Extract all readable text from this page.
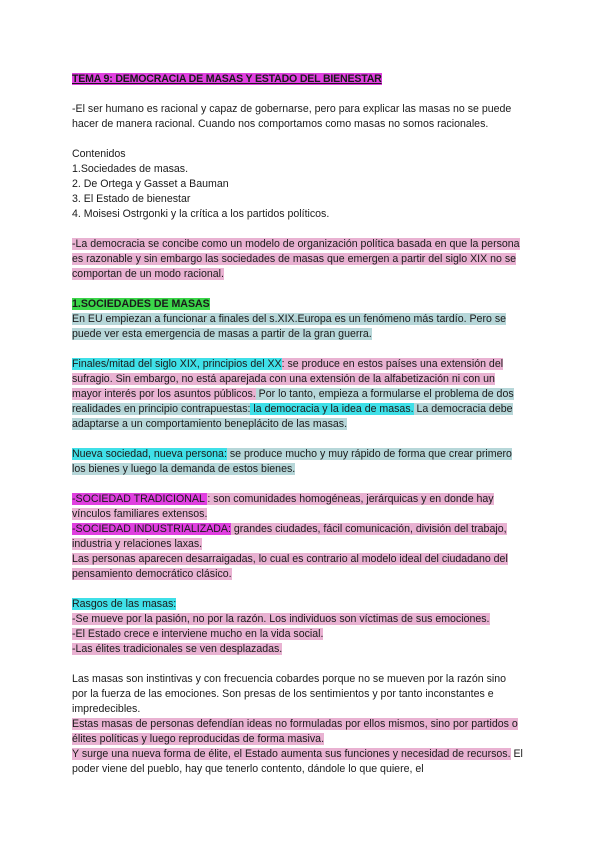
TEMA 9: DEMOCRACIA DE MASAS Y ESTADO DEL BIENESTAR

-El ser humano es racional y capaz de gobernarse, pero para explicar las masas no se puede hacer de manera racional. Cuando nos comportamos como masas no somos racionales.

Contenidos

1.Sociedades de masas.

2. De Ortega y Gasset a Bauman

3. El Estado de bienestar

4. Moisesi Ostrgonki y la crítica a los partidos políticos.

-La democracia se concibe como un modelo de organización política basada en que la persona es razonable y sin embargo las sociedades de masas que emergen a partir del siglo XIX no se comportan de un modo racional.

1.SOCIEDADES DE MASAS

En EU empiezan a funcionar a finales del s.XIX.Europa es un fenómeno más tardío. Pero se puede ver esta emergencia de masas a partir de la gran guerra.

Finales/mitad del siglo XIX, principios del XX: se produce en estos países una extensión del sufragio. Sin embargo, no está aparejada con una extensión de la alfabetización ni con un mayor interés por los asuntos públicos. Por lo tanto, empieza a formularse el problema de dos realidades en principio contrapuestas: la democracia y la idea de masas. La democracia debe adaptarse a un comportamiento beneplácito de las masas.

Nueva sociedad, nueva persona: se produce mucho y muy rápido de forma que crear primero los bienes y luego la demanda de estos bienes.

-SOCIEDAD TRADICIONAL : son comunidades homogéneas, jerárquicas y en donde hay vínculos familiares extensos.

-SOCIEDAD INDUSTRIALIZADA: grandes ciudades, fácil comunicación, división del trabajo, industria y relaciones laxas.

Las personas aparecen desarraigadas, lo cual es contrario al modelo ideal del ciudadano del pensamiento democrático clásico.

Rasgos de las masas:

-Se mueve por la pasión, no por la razón. Los individuos son víctimas de sus emociones.

-El Estado crece e interviene mucho en la vida social.

-Las élites tradicionales se ven desplazadas.

Las masas son instintivas y con frecuencia cobardes porque no se mueven por la razón sino por la fuerza de las emociones. Son presas de los sentimientos y por tanto inconstantes e impredecibles.

Estas masas de personas defendían ideas no formuladas por ellos mismos, sino por partidos o élites políticas y luego reproducidas de forma masiva.

Y surge una nueva forma de élite, el Estado aumenta sus funciones y necesidad de recursos. El poder viene del pueblo, hay que tenerlo contento, dándole lo que quiere, el
